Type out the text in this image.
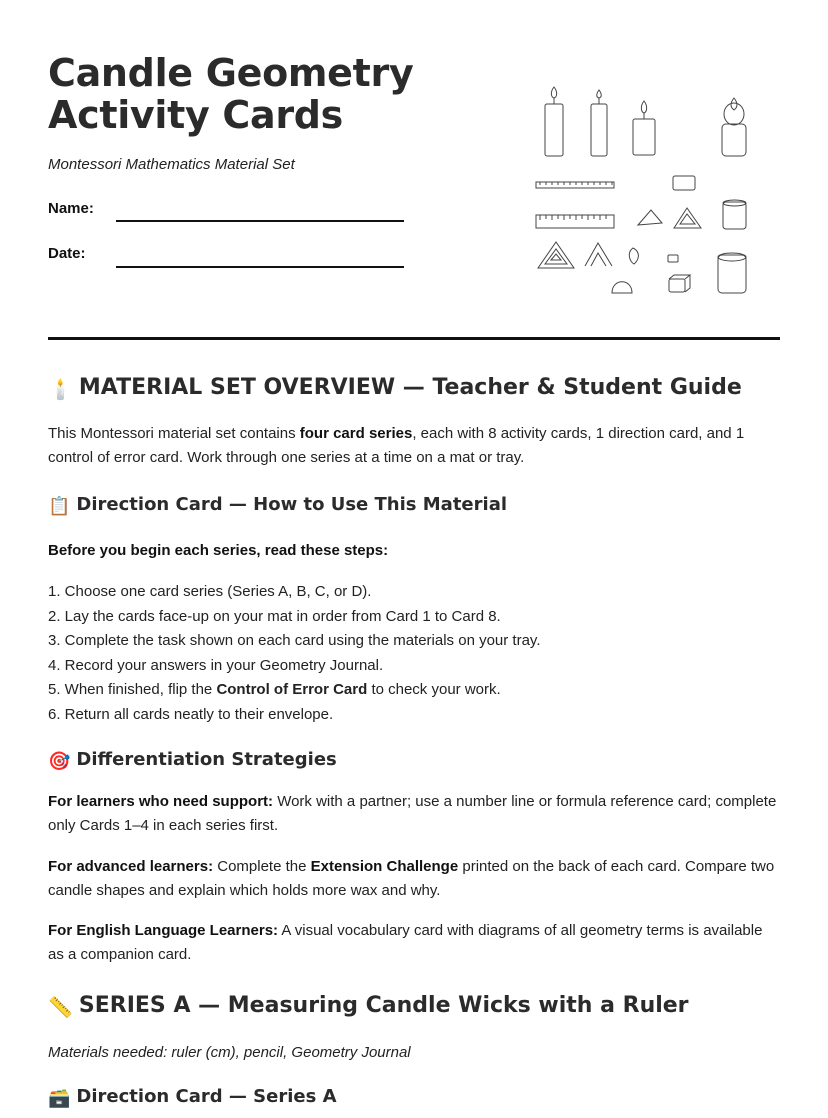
Candle Geometry
Activity Cards

Montessori Mathematics Material Set

Name:
Date:
🕯️ MATERIAL SET OVERVIEW — Teacher & Student Guide

This Montessori material set contains four card series, each with 8 activity cards, 1 direction card, and 1 control of error card. Work through one series at a time on a mat or tray.

📋 Direction Card — How to Use This Material

Before you begin each series, read these steps:

1. Choose one card series (Series A, B, C, or D).
2. Lay the cards face-up on your mat in order from Card 1 to Card 8.
3. Complete the task shown on each card using the materials on your tray.
4. Record your answers in your Geometry Journal.
5. When finished, flip the Control of Error Card to check your work.
6. Return all cards neatly to their envelope.
🎯 Differentiation Strategies

For learners who need support: Work with a partner; use a number line or formula reference card; complete only Cards 1–4 in each series first.

For advanced learners: Complete the Extension Challenge printed on the back of each card. Compare two candle shapes and explain which holds more wax and why.

For English Language Learners: A visual vocabulary card with diagrams of all geometry terms is available as a companion card.

📏 SERIES A — Measuring Candle Wicks with a Ruler

Materials needed: ruler (cm), pencil, Geometry Journal

🗃️ Direction Card — Series A
